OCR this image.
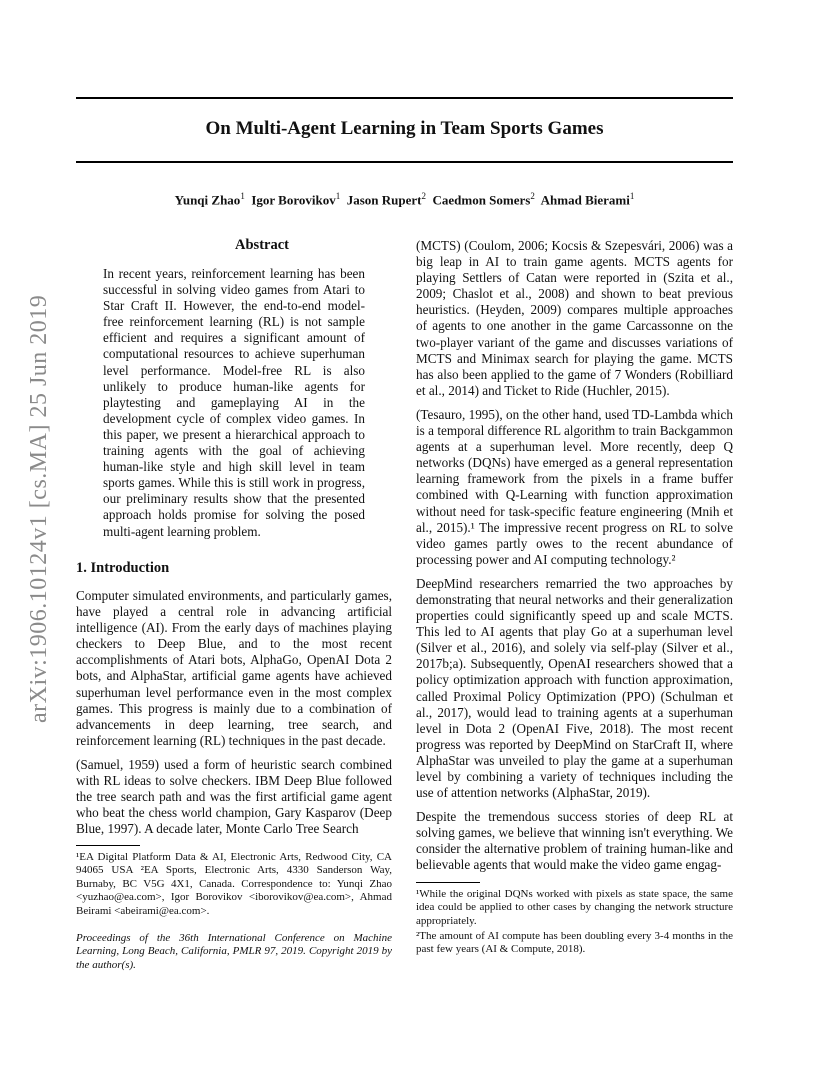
On Multi-Agent Learning in Team Sports Games
Yunqi Zhao$^1$ Igor Borovikov$^1$ Jason Rupert$^2$ Caedmon Somers$^2$ Ahmad Bierami$^1$
arXiv:1906.10124v1 [cs.MA] 25 Jun 2019
Abstract
In recent years, reinforcement learning has been successful in solving video games from Atari to Star Craft II. However, the end-to-end model-free reinforcement learning (RL) is not sample efficient and requires a significant amount of computational resources to achieve superhuman level performance. Model-free RL is also unlikely to produce human-like agents for playtesting and gameplaying AI in the development cycle of complex video games. In this paper, we present a hierarchical approach to training agents with the goal of achieving human-like style and high skill level in team sports games. While this is still work in progress, our preliminary results show that the presented approach holds promise for solving the posed multi-agent learning problem.
1. Introduction

Computer simulated environments, and particularly games, have played a central role in advancing artificial intelligence (AI). From the early days of machines playing checkers to Deep Blue, and to the most recent accomplishments of Atari bots, AlphaGo, OpenAI Dota 2 bots, and AlphaStar, artificial game agents have achieved superhuman level performance even in the most complex games. This progress is mainly due to a combination of advancements in deep learning, tree search, and reinforcement learning (RL) techniques in the past decade.

(Samuel, 1959) used a form of heuristic search combined with RL ideas to solve checkers. IBM Deep Blue followed the tree search path and was the first artificial game agent who beat the chess world champion, Gary Kasparov (Deep Blue, 1997). A decade later, Monte Carlo Tree Search

¹EA Digital Platform Data & AI, Electronic Arts, Redwood City, CA 94065 USA ²EA Sports, Electronic Arts, 4330 Sanderson Way, Burnaby, BC V5G 4X1, Canada. Correspondence to: Yunqi Zhao <yuzhao@ea.com>, Igor Borovikov <iborovikov@ea.com>, Ahmad Beirami <abeirami@ea.com>.
Proceedings of the 36th International Conference on Machine Learning, Long Beach, California, PMLR 97, 2019. Copyright 2019 by the author(s).

(MCTS) (Coulom, 2006; Kocsis & Szepesvári, 2006) was a big leap in AI to train game agents. MCTS agents for playing Settlers of Catan were reported in (Szita et al., 2009; Chaslot et al., 2008) and shown to beat previous heuristics. (Heyden, 2009) compares multiple approaches of agents to one another in the game Carcassonne on the two-player variant of the game and discusses variations of MCTS and Minimax search for playing the game. MCTS has also been applied to the game of 7 Wonders (Robilliard et al., 2014) and Ticket to Ride (Huchler, 2015).

(Tesauro, 1995), on the other hand, used TD-Lambda which is a temporal difference RL algorithm to train Backgammon agents at a superhuman level. More recently, deep Q networks (DQNs) have emerged as a general representation learning framework from the pixels in a frame buffer combined with Q-Learning with function approximation without need for task-specific feature engineering (Mnih et al., 2015).¹ The impressive recent progress on RL to solve video games partly owes to the recent abundance of processing power and AI computing technology.²

DeepMind researchers remarried the two approaches by demonstrating that neural networks and their generalization properties could significantly speed up and scale MCTS. This led to AI agents that play Go at a superhuman level (Silver et al., 2016), and solely via self-play (Silver et al., 2017b;a). Subsequently, OpenAI researchers showed that a policy optimization approach with function approximation, called Proximal Policy Optimization (PPO) (Schulman et al., 2017), would lead to training agents at a superhuman level in Dota 2 (OpenAI Five, 2018). The most recent progress was reported by DeepMind on StarCraft II, where AlphaStar was unveiled to play the game at a superhuman level by combining a variety of techniques including the use of attention networks (AlphaStar, 2019).

Despite the tremendous success stories of deep RL at solving games, we believe that winning isn't everything. We consider the alternative problem of training human-like and believable agents that would make the video game engag-

¹While the original DQNs worked with pixels as state space, the same idea could be applied to other cases by changing the network structure appropriately.
²The amount of AI compute has been doubling every 3-4 months in the past few years (AI & Compute, 2018).
